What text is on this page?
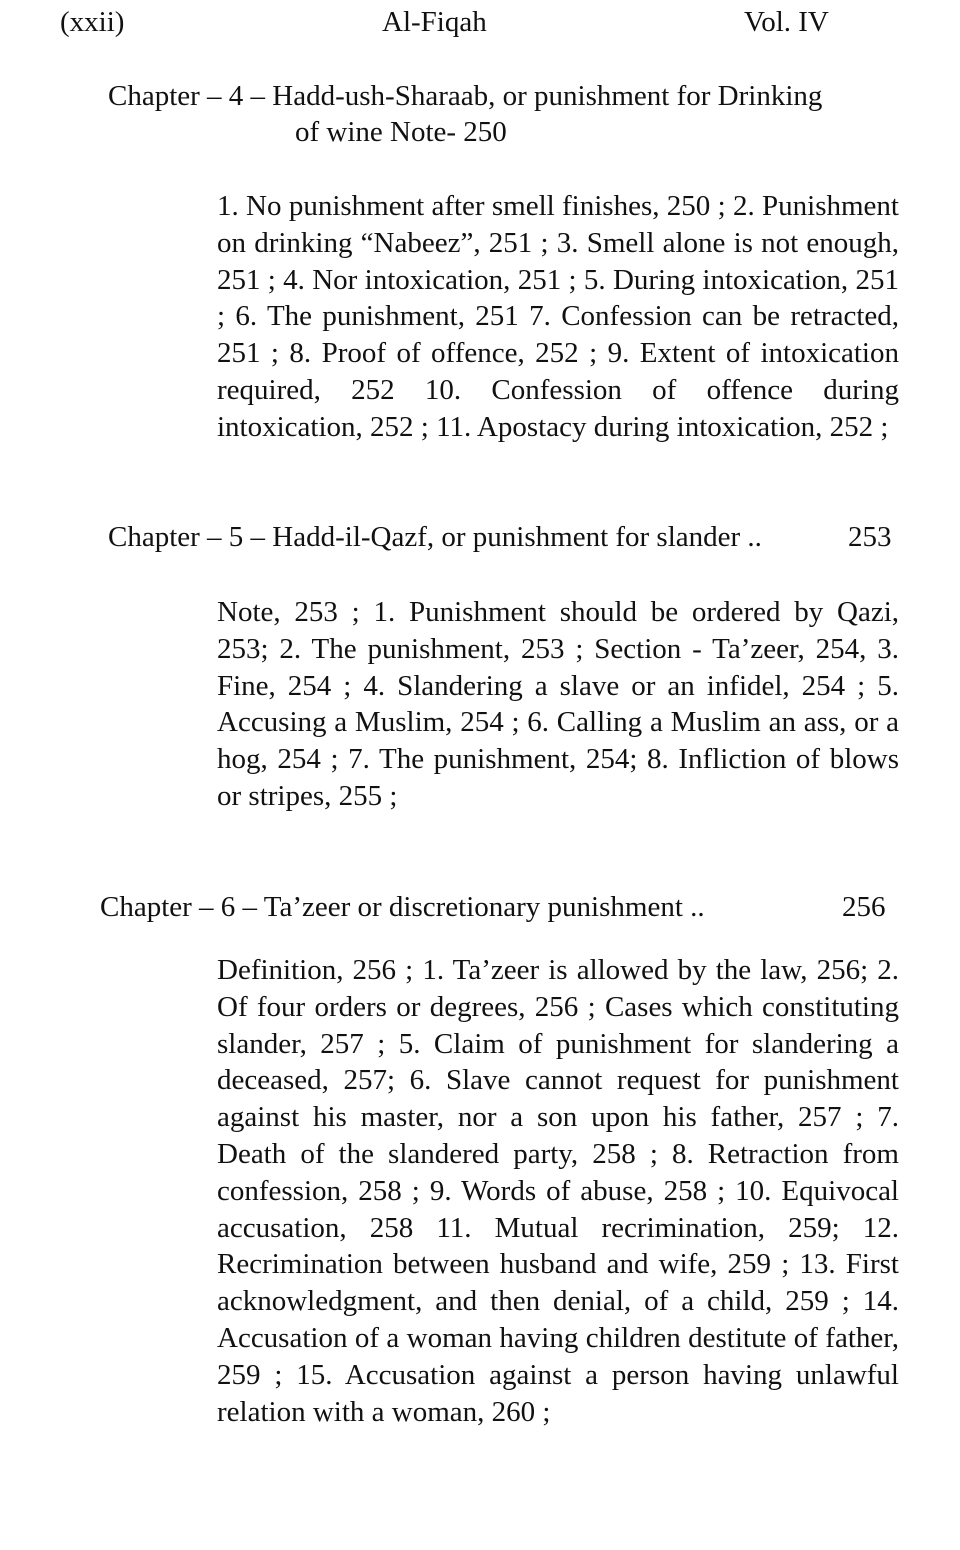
(xxii)	Al-Fiqah	Vol. IV
Chapter – 4 – Hadd-ush-Sharaab, or punishment for Drinking
of wine Note- 250
1. No punishment after smell finishes, 250 ; 2. Punishment on drinking “Nabeez”, 251 ; 3. Smell alone is not enough, 251 ; 4. Nor intoxication, 251 ; 5. During intoxication, 251 ; 6. The punishment, 251 7. Confession can be retracted, 251 ; 8. Proof of offence, 252 ; 9. Extent of intoxication required, 252 10. Confession of offence during intoxication, 252 ; 11. Apostacy during intoxication, 252 ;
Chapter – 5 – Hadd-il-Qazf, or punishment for slander ..	253
Note, 253 ; 1. Punishment should be ordered by Qazi, 253; 2. The punishment, 253 ; Section - Ta’zeer, 254, 3. Fine, 254 ; 4. Slandering a slave or an infidel, 254 ; 5. Accusing a Muslim, 254 ; 6. Calling a Muslim an ass, or a hog, 254 ; 7. The punishment, 254; 8. Infliction of blows or stripes, 255 ;
Chapter – 6 – Ta’zeer or discretionary punishment ..	256
Definition, 256 ; 1. Ta’zeer is allowed by the law, 256; 2. Of four orders or degrees, 256 ; Cases which constituting slander, 257 ; 5. Claim of punishment for slandering a deceased, 257; 6. Slave cannot request for punishment against his master, nor a son upon his father, 257 ; 7. Death of the slandered party, 258 ; 8. Retraction from confession, 258 ; 9. Words of abuse, 258 ; 10. Equivocal accusation, 258 11. Mutual recrimination, 259; 12. Recrimination between husband and wife, 259 ; 13. First acknowledgment, and then denial, of a child, 259 ; 14. Accusation of a woman having children destitute of father, 259 ; 15. Accusation against a person having unlawful relation with a woman, 260 ;
